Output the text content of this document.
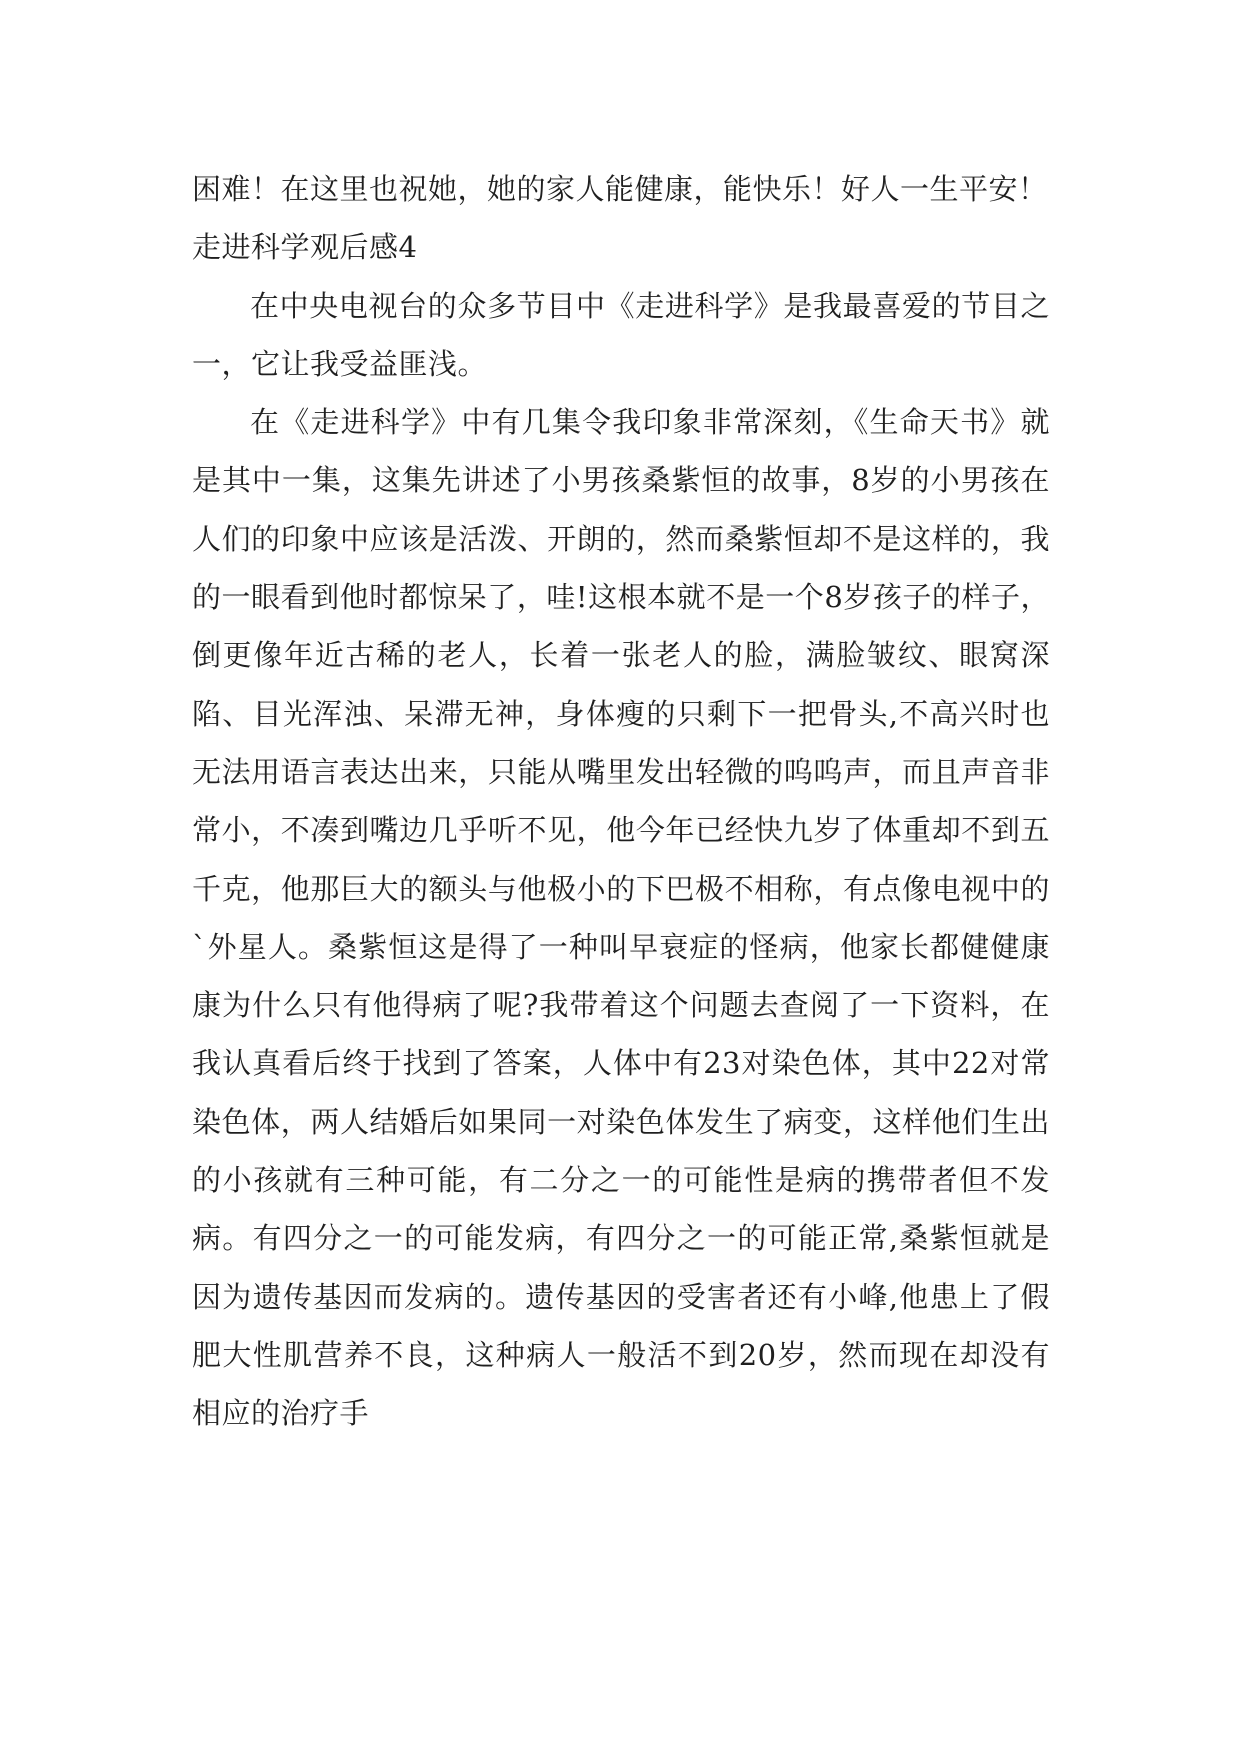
困难！在这里也祝她，她的家人能健康，能快乐！好人一生平安！

走进科学观后感4

在中央电视台的众多节目中《走进科学》是我最喜爱的节目之一，它让我受益匪浅。

在《走进科学》中有几集令我印象非常深刻，《生命天书》就是其中一集，这集先讲述了小男孩桑紫恒的故事，8岁的小男孩在人们的印象中应该是活泼、开朗的，然而桑紫恒却不是这样的，我的一眼看到他时都惊呆了，哇!这根本就不是一个8岁孩子的样子，倒更像年近古稀的老人，长着一张老人的脸，满脸皱纹、眼窝深陷、目光浑浊、呆滞无神，身体瘦的只剩下一把骨头,不高兴时也无法用语言表达出来，只能从嘴里发出轻微的呜呜声，而且声音非常小，不凑到嘴边几乎听不见，他今年已经快九岁了体重却不到五千克，他那巨大的额头与他极小的下巴极不相称，有点像电视中的`外星人。桑紫恒这是得了一种叫早衰症的怪病，他家长都健健康康为什么只有他得病了呢?我带着这个问题去查阅了一下资料，在我认真看后终于找到了答案，人体中有23对染色体，其中22对常染色体，两人结婚后如果同一对染色体发生了病变，这样他们生出的小孩就有三种可能，有二分之一的可能性是病的携带者但不发病。有四分之一的可能发病，有四分之一的可能正常,桑紫恒就是因为遗传基因而发病的。遗传基因的受害者还有小峰,他患上了假肥大性肌营养不良，这种病人一般活不到20岁，然而现在却没有相应的治疗手
